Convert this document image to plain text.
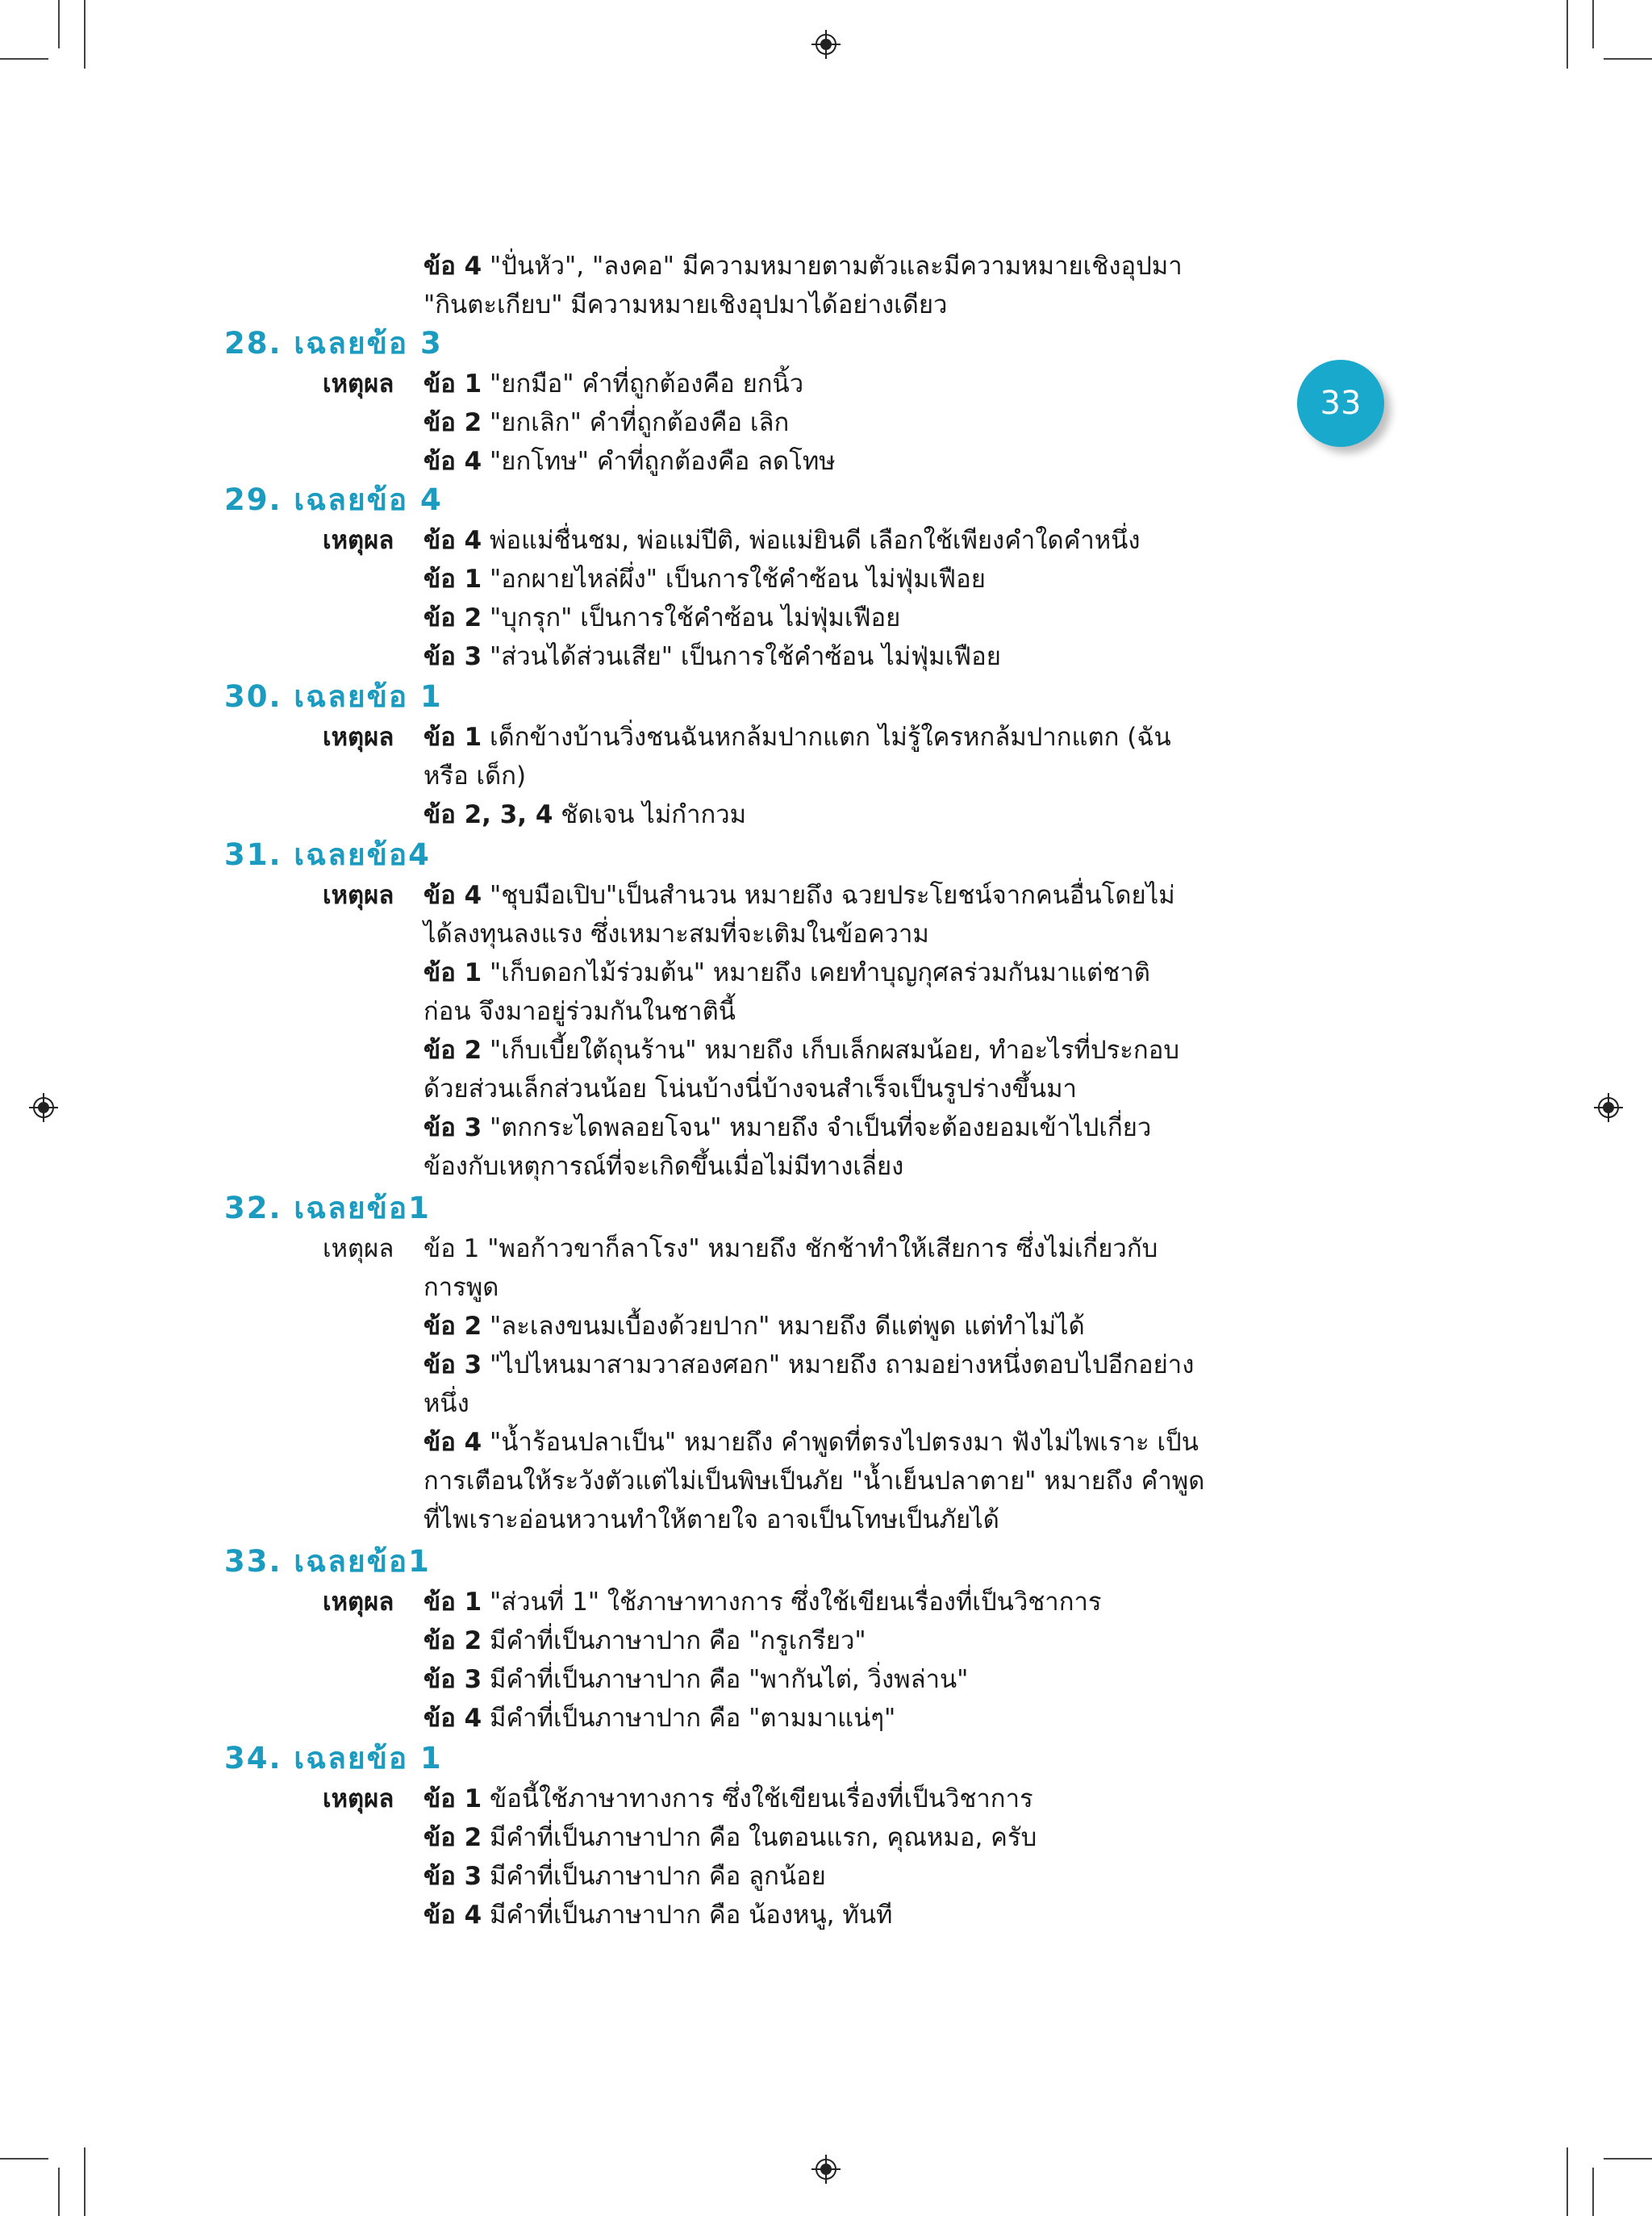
33
ข้อ 4 "ปั่นหัว", "ลงคอ" มีความหมายตามตัวและมีความหมายเชิงอุปมา
"กินตะเกียบ" มีความหมายเชิงอุปมาได้อย่างเดียว
28. เฉลยข้อ 3
เหตุผล ข้อ 1 "ยกมือ" คำที่ถูกต้องคือ ยกนิ้ว
ข้อ 2 "ยกเลิก" คำที่ถูกต้องคือ เลิก
ข้อ 4 "ยกโทษ" คำที่ถูกต้องคือ ลดโทษ
29. เฉลยข้อ 4
เหตุผล ข้อ 4 พ่อแม่ชื่นชม, พ่อแม่ปีติ, พ่อแม่ยินดี เลือกใช้เพียงคำใดคำหนึ่ง
ข้อ 1 "อกผายไหล่ผึ่ง" เป็นการใช้คำซ้อน ไม่ฟุ่มเฟือย
ข้อ 2 "บุกรุก" เป็นการใช้คำซ้อน ไม่ฟุ่มเฟือย
ข้อ 3 "ส่วนได้ส่วนเสีย" เป็นการใช้คำซ้อน ไม่ฟุ่มเฟือย
30. เฉลยข้อ 1
เหตุผล ข้อ 1 เด็กข้างบ้านวิ่งชนฉันหกล้มปากแตก ไม่รู้ใครหกล้มปากแตก (ฉัน
หรือ เด็ก)
ข้อ 2, 3, 4 ชัดเจน ไม่กำกวม
31. เฉลยข้อ4
เหตุผล ข้อ 4 "ชุบมือเปิบ"เป็นสำนวน หมายถึง ฉวยประโยชน์จากคนอื่นโดยไม่
ได้ลงทุนลงแรง ซึ่งเหมาะสมที่จะเติมในข้อความ
ข้อ 1 "เก็บดอกไม้ร่วมต้น" หมายถึง เคยทำบุญกุศลร่วมกันมาแต่ชาติ
ก่อน จึงมาอยู่ร่วมกันในชาตินี้
ข้อ 2 "เก็บเบี้ยใต้ถุนร้าน" หมายถึง เก็บเล็กผสมน้อย, ทำอะไรที่ประกอบ
ด้วยส่วนเล็กส่วนน้อย โน่นบ้างนี่บ้างจนสำเร็จเป็นรูปร่างขึ้นมา
ข้อ 3 "ตกกระไดพลอยโจน" หมายถึง จำเป็นที่จะต้องยอมเข้าไปเกี่ยว
ข้องกับเหตุการณ์ที่จะเกิดขึ้นเมื่อไม่มีทางเลี่ยง
32. เฉลยข้อ1
เหตุผล ข้อ 1 "พอก้าวขาก็ลาโรง" หมายถึง ชักช้าทำให้เสียการ ซึ่งไม่เกี่ยวกับ
การพูด
ข้อ 2 "ละเลงขนมเบื้องด้วยปาก" หมายถึง ดีแต่พูด แต่ทำไม่ได้
ข้อ 3 "ไปไหนมาสามวาสองศอก" หมายถึง ถามอย่างหนึ่งตอบไปอีกอย่าง
หนึ่ง
ข้อ 4 "น้ำร้อนปลาเป็น" หมายถึง คำพูดที่ตรงไปตรงมา ฟังไม่ไพเราะ เป็น
การเตือนให้ระวังตัวแต่ไม่เป็นพิษเป็นภัย "น้ำเย็นปลาตาย" หมายถึง คำพูด
ที่ไพเราะอ่อนหวานทำให้ตายใจ อาจเป็นโทษเป็นภัยได้
33. เฉลยข้อ1
เหตุผล ข้อ 1 "ส่วนที่ 1" ใช้ภาษาทางการ ซึ่งใช้เขียนเรื่องที่เป็นวิชาการ
ข้อ 2 มีคำที่เป็นภาษาปาก คือ "กรูเกรียว"
ข้อ 3 มีคำที่เป็นภาษาปาก คือ "พากันไต่, วิ่งพล่าน"
ข้อ 4 มีคำที่เป็นภาษาปาก คือ "ตามมาแน่ๆ"
34. เฉลยข้อ 1
เหตุผล ข้อ 1 ข้อนี้ใช้ภาษาทางการ ซึ่งใช้เขียนเรื่องที่เป็นวิชาการ
ข้อ 2 มีคำที่เป็นภาษาปาก คือ ในตอนแรก, คุณหมอ, ครับ
ข้อ 3 มีคำที่เป็นภาษาปาก คือ ลูกน้อย
ข้อ 4 มีคำที่เป็นภาษาปาก คือ น้องหนู, ทันที
